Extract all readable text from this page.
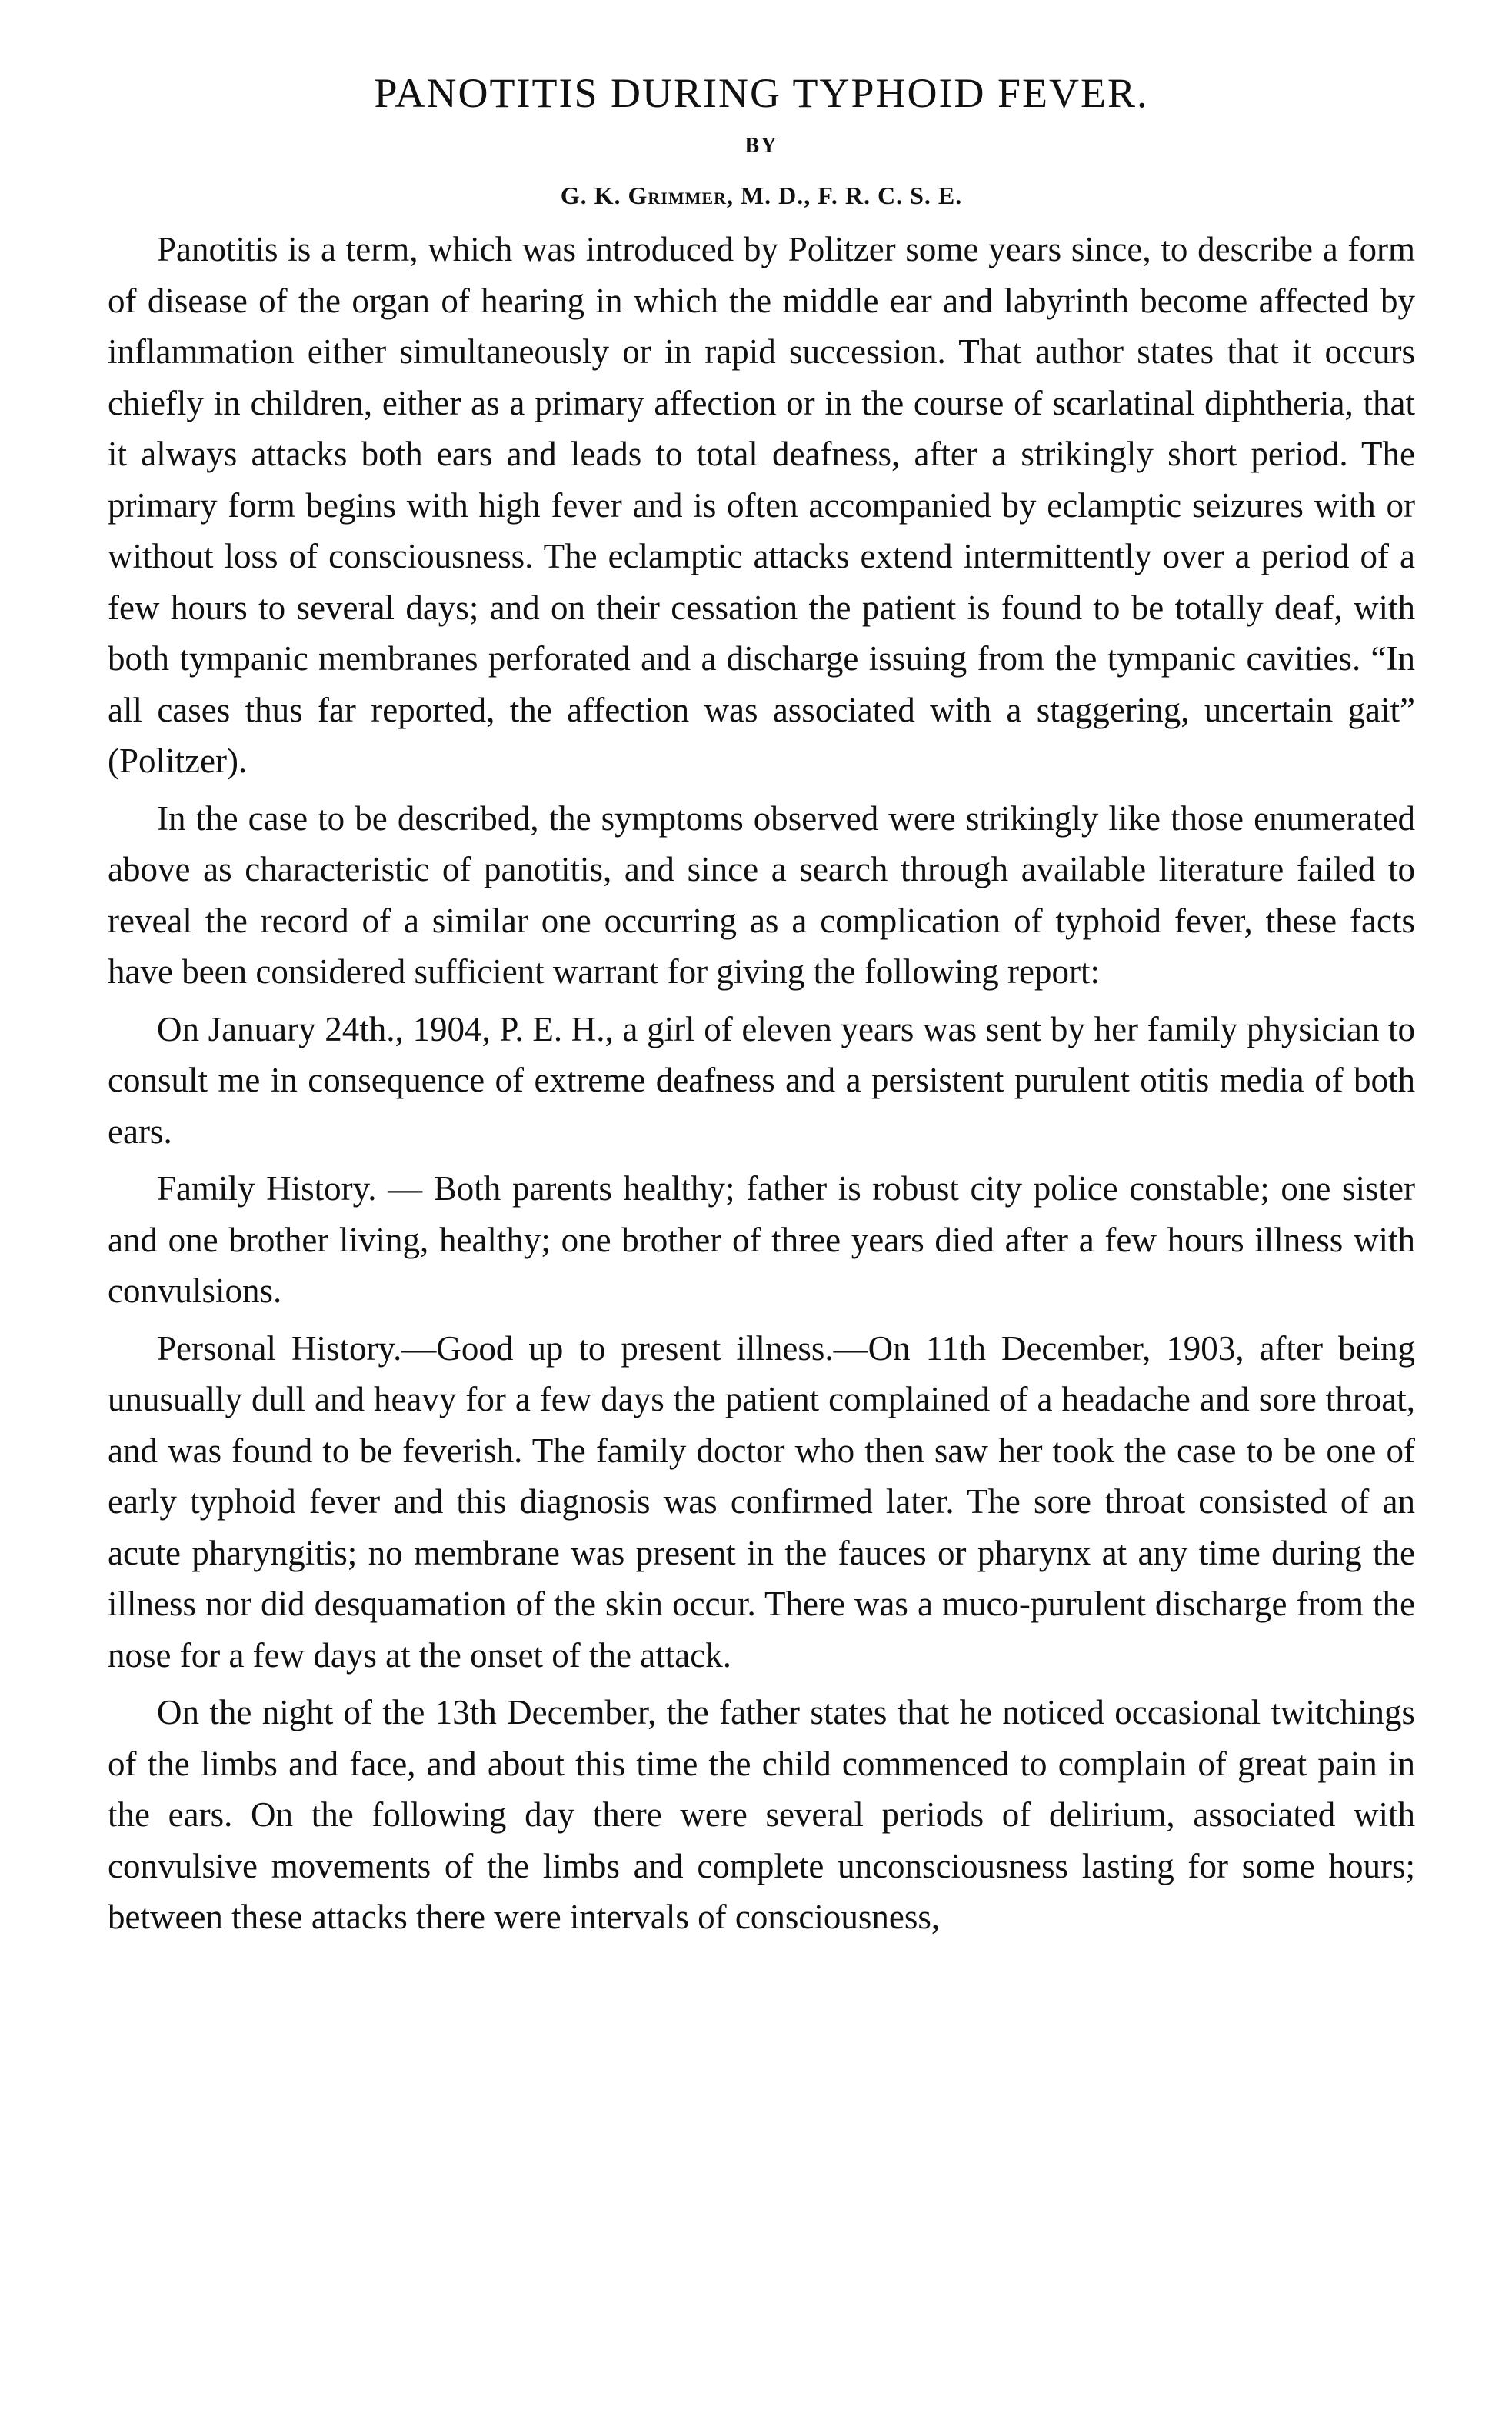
PANOTITIS DURING TYPHOID FEVER.
BY
G. K. Grimmer, M. D., F. R. C. S. E.

Panotitis is a term, which was introduced by Politzer some years since, to describe a form of disease of the organ of hearing in which the middle ear and labyrinth become affected by inflammation either simultaneously or in rapid succession. That author states that it occurs chiefly in children, either as a primary affection or in the course of scarlatinal diphtheria, that it always attacks both ears and leads to total deafness, after a strikingly short period. The primary form begins with high fever and is often accompanied by eclamptic seizures with or without loss of consciousness. The eclamptic attacks extend intermittently over a period of a few hours to several days; and on their cessation the patient is found to be totally deaf, with both tympanic membranes perforated and a discharge issuing from the tympanic cavities. “In all cases thus far reported, the affection was associated with a staggering, uncertain gait” (Politzer).

In the case to be described, the symptoms observed were strikingly like those enumerated above as characteristic of panotitis, and since a search through available literature failed to reveal the record of a similar one occurring as a complication of typhoid fever, these facts have been considered sufficient warrant for giving the following report:

On January 24th., 1904, P. E. H., a girl of eleven years was sent by her family physician to consult me in consequence of extreme deafness and a persistent purulent otitis media of both ears.

Family History. — Both parents healthy; father is robust city police constable; one sister and one brother living, healthy; one brother of three years died after a few hours illness with convulsions.

Personal History.—Good up to present illness.—On 11th December, 1903, after being unusually dull and heavy for a few days the patient complained of a headache and sore throat, and was found to be feverish. The family doctor who then saw her took the case to be one of early typhoid fever and this diagnosis was confirmed later. The sore throat consisted of an acute pharyngitis; no membrane was present in the fauces or pharynx at any time during the illness nor did desquamation of the skin occur. There was a muco-purulent discharge from the nose for a few days at the onset of the attack.

On the night of the 13th December, the father states that he noticed occasional twitchings of the limbs and face, and about this time the child commenced to complain of great pain in the ears. On the following day there were several periods of delirium, associated with convulsive movements of the limbs and complete unconsciousness lasting for some hours; between these attacks there were intervals of consciousness,
